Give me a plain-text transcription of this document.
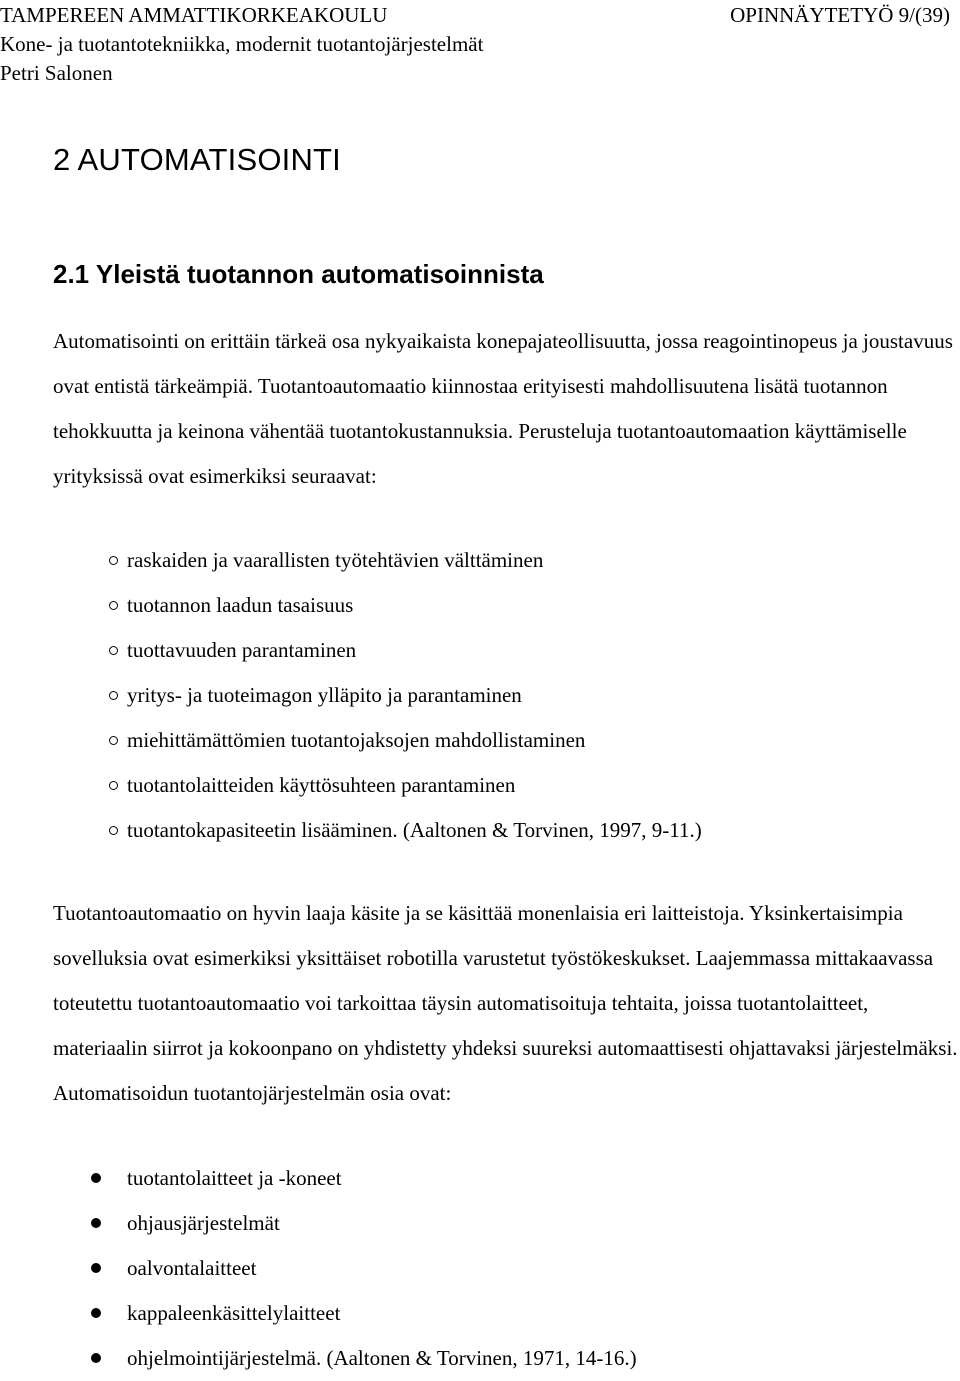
TAMPEREEN AMMATTIKORKEAKOULU	OPINNÄYTETYÖ 9/(39)
Kone- ja tuotantotekniikka, modernit tuotantojärjestelmät
Petri Salonen
2 AUTOMATISOINTI
2.1 Yleistä tuotannon automatisoinnista

Automatisointi on erittäin tärkeä osa nykyaikaista konepajateollisuutta, jossa reagointinopeus ja joustavuus ovat entistä tärkeämpiä. Tuotantoautomaatio kiinnostaa erityisesti mahdollisuutena lisätä tuotannon tehokkuutta ja keinona vähentää tuotantokustannuksia. Perusteluja tuotantoautomaation käyttämiselle yrityksissä ovat esimerkiksi seuraavat:

raskaiden ja vaarallisten työtehtävien välttäminen
tuotannon laadun tasaisuus
tuottavuuden parantaminen
yritys- ja tuoteimagon ylläpito ja parantaminen
miehittämättömien tuotantojaksojen mahdollistaminen
tuotantolaitteiden käyttösuhteen parantaminen
tuotantokapasiteetin lisääminen. (Aaltonen & Torvinen, 1997, 9-11.)

Tuotantoautomaatio on hyvin laaja käsite ja se käsittää monenlaisia eri laitteistoja. Yksinkertaisimpia sovelluksia ovat esimerkiksi yksittäiset robotilla varustetut työstökeskukset. Laajemmassa mittakaavassa toteutettu tuotantoautomaatio voi tarkoittaa täysin automatisoituja tehtaita, joissa tuotantolaitteet, materiaalin siirrot ja kokoonpano on yhdistetty yhdeksi suureksi automaattisesti ohjattavaksi järjestelmäksi. Automatisoidun tuotantojärjestelmän osia ovat:

tuotantolaitteet ja -koneet
ohjausjärjestelmät
oalvontalaitteet
kappaleenkäsittelylaitteet
ohjelmointijärjestelmä. (Aaltonen & Torvinen, 1971, 14-16.)
